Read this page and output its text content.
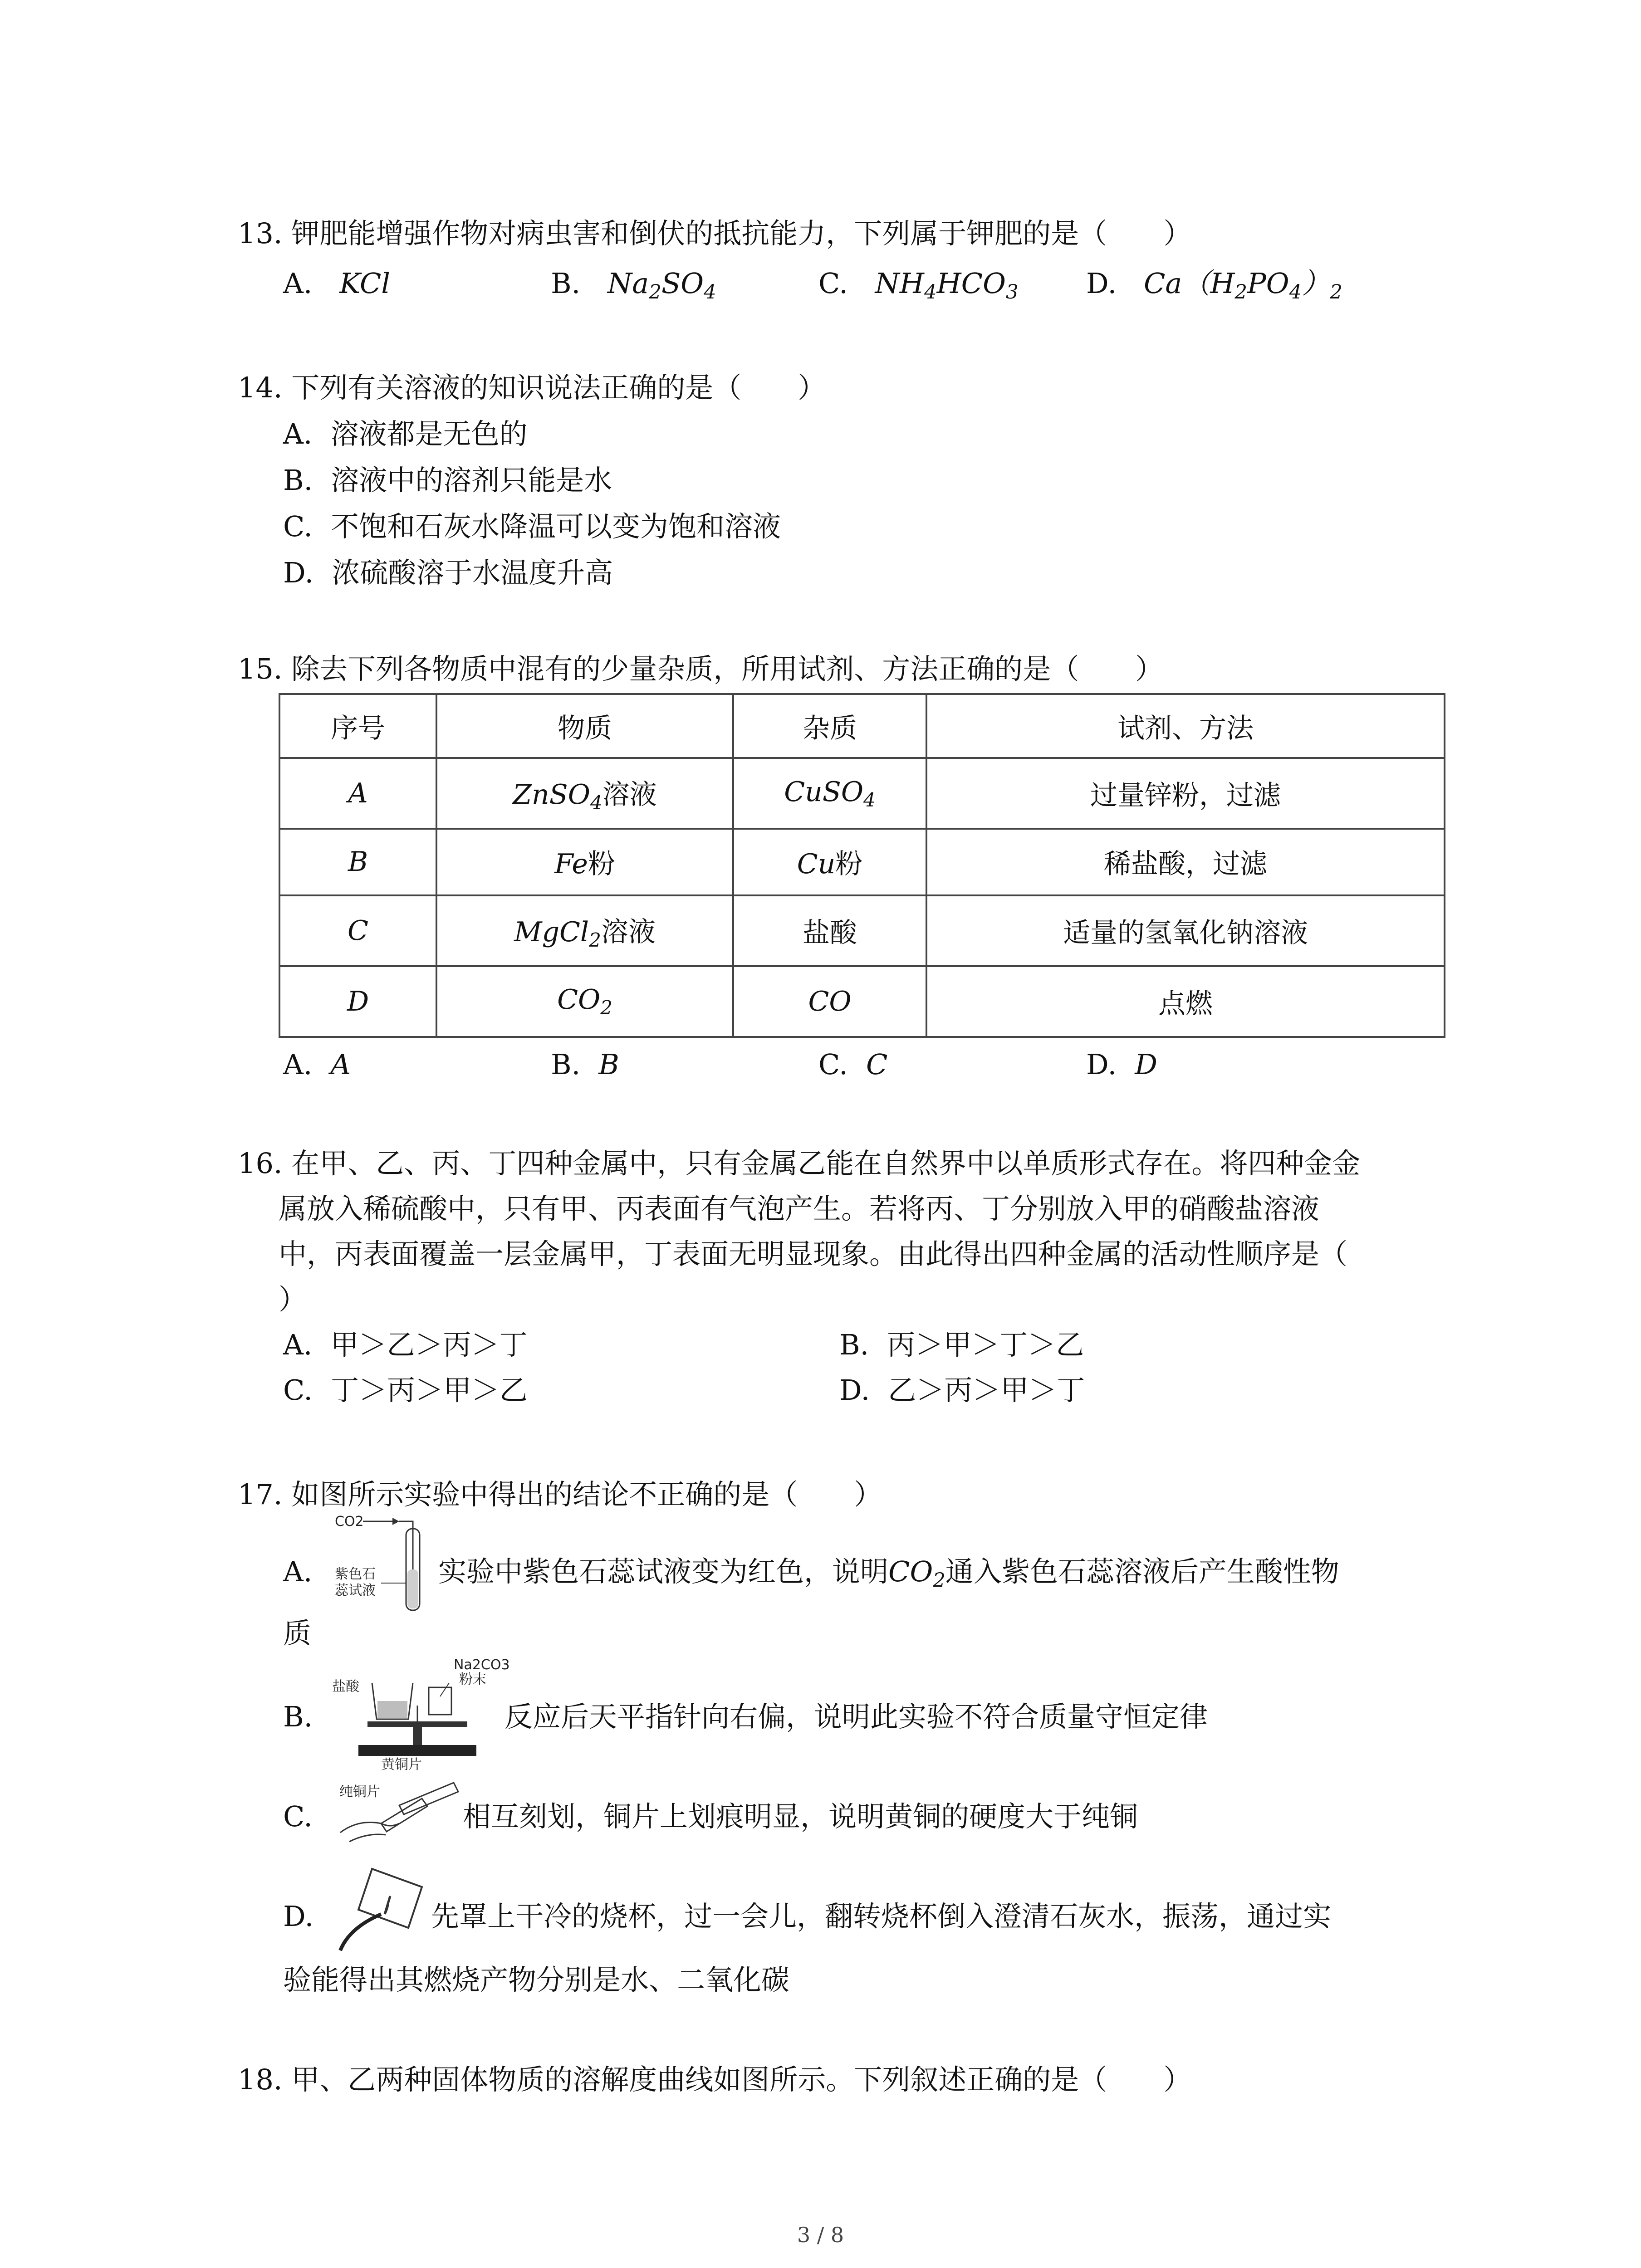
13. 钾肥能增强作物对病虫害和倒伏的抵抗能力，下列属于钾肥的是（　　）
A. KCl	B. $Na_2SO_4$	C. $NH_4HCO_3$ D. $Ca(H_2PO_4)_2$
14. 下列有关溶液的知识说法正确的是（　　）
A. 溶液都是无色的
B. 溶液中的溶剂只能是水
C. 不饱和石灰水降温可以变为饱和溶液
D. 浓硫酸溶于水温度升高
15. 除去下列各物质中混有的少量杂质，所用试剂、方法正确的是（　　）
序号	物质	杂质	试剂、方法
A	ZnSO$_4$溶液	CuSO$_4$	过量锌粉，过滤
B	Fe粉	Cu粉	稀盐酸，过滤
C	MgCl$_2$溶液	盐酸	适量的氢氧化钠溶液
D	$CO_2$	CO	点燃
A. A	B. B	C. C	D. D
16. 在甲、乙、丙、丁四种金属中，只有金属乙能在自然界中以单质形式存在。将四种金金
属放入稀硫酸中，只有甲、丙表面有气泡产生。若将丙、丁分别放入甲的硝酸盐溶液
中，丙表面覆盖一层金属甲，丁表面无明显现象。由此得出四种金属的活动性顺序是（
）
A. 甲＞乙＞丙＞丁	B. 丙＞甲＞丁＞乙
C. 丁＞丙＞甲＞乙	D. 乙＞丙＞甲＞丁
17. 如图所示实验中得出的结论不正确的是（　　）
A.
CO2
紫色石
蕊试液
实验中紫色石蕊试液变为红色，说明$CO_2$通入紫色石蕊溶液后产生酸性物
质
B.
盐酸
Na2CO3
粉末
反应后天平指针向右偏，说明此实验不符合质量守恒定律
C.
黄铜片
纯铜片
相互刻划，铜片上划痕明显，说明黄铜的硬度大于纯铜
D.	先罩上干冷的烧杯，过一会儿，翻转烧杯倒入澄清石灰水，振荡，通过实
验能得出其燃烧产物分别是水、二氧化碳
18. 甲、乙两种固体物质的溶解度曲线如图所示。下列叙述正确的是（　　）
3 / 8
